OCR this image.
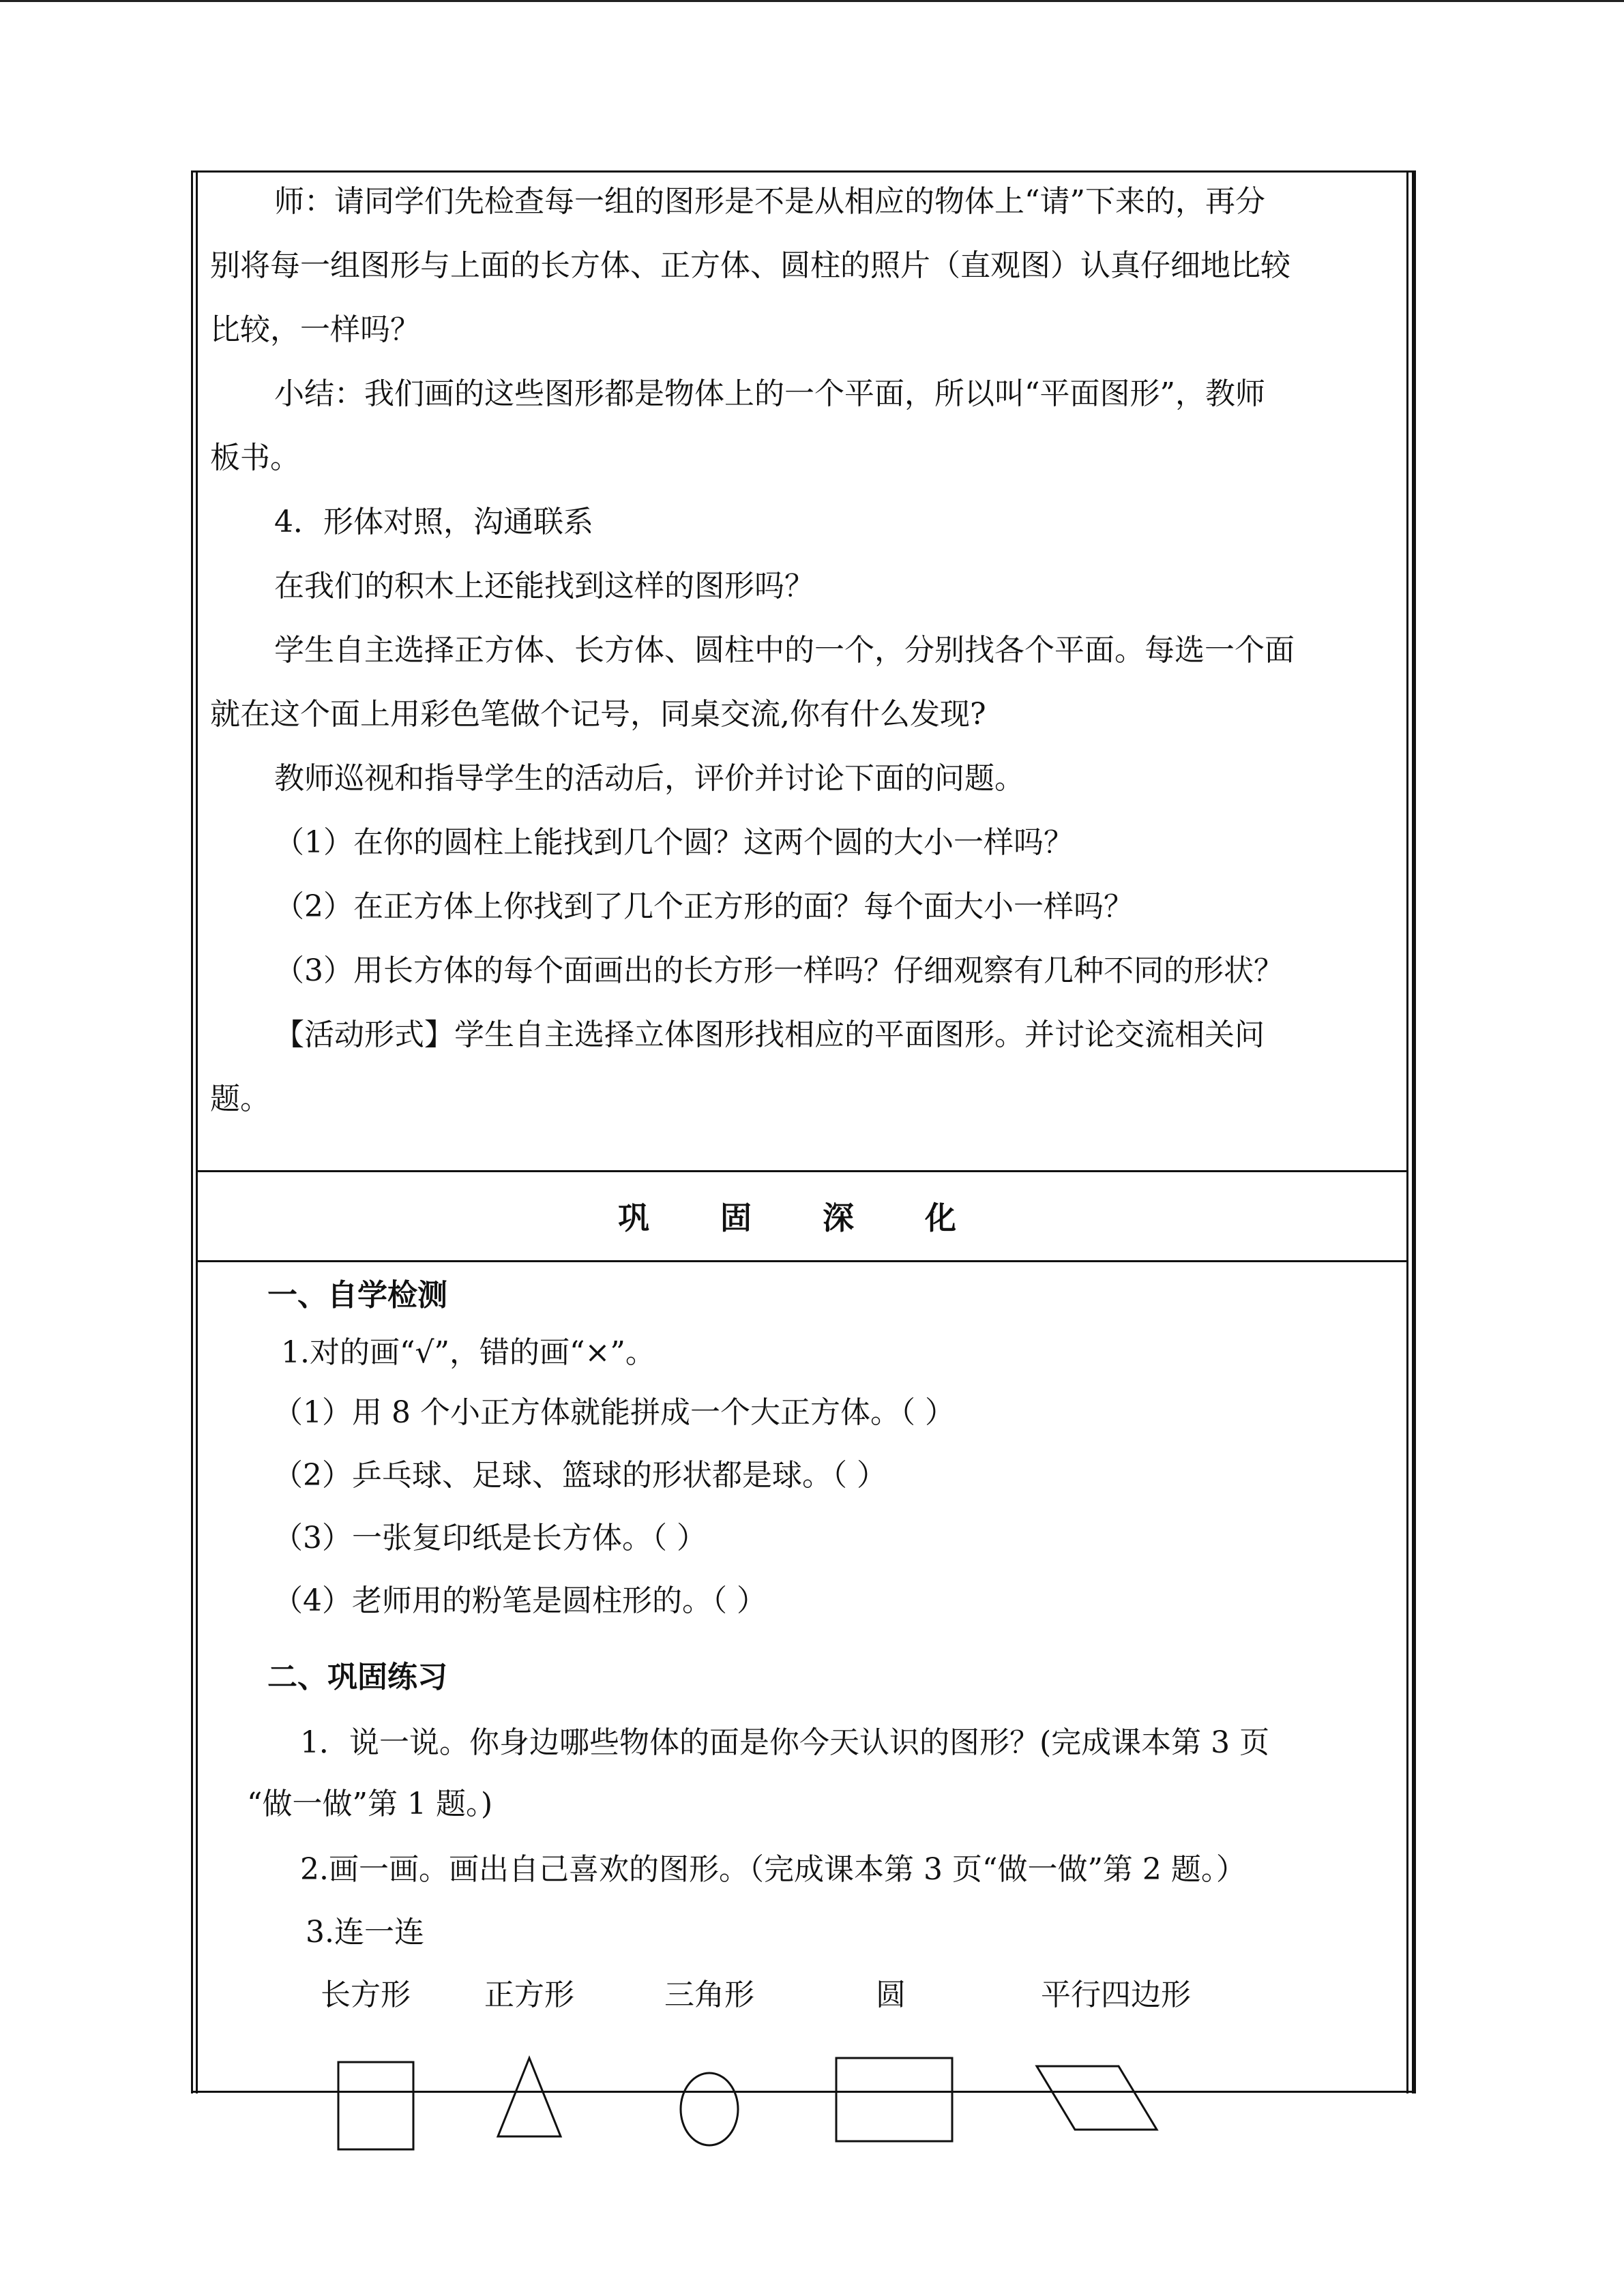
师：请同学们先检查每一组的图形是不是从相应的物体上“请”下来的，再分
别将每一组图形与上面的长方体、正方体、圆柱的照片（直观图）认真仔细地比较
比较，一样吗？
小结：我们画的这些图形都是物体上的一个平面，所以叫“平面图形”，教师
板书。
4．形体对照，沟通联系
在我们的积木上还能找到这样的图形吗？
学生自主选择正方体、长方体、圆柱中的一个，分别找各个平面。每选一个面
就在这个面上用彩色笔做个记号，同桌交流,你有什么发现?
教师巡视和指导学生的活动后，评价并讨论下面的问题。
（1）在你的圆柱上能找到几个圆？这两个圆的大小一样吗？
（2）在正方体上你找到了几个正方形的面？每个面大小一样吗？
（3）用长方体的每个面画出的长方形一样吗？仔细观察有几种不同的形状？
【活动形式】学生自主选择立体图形找相应的平面图形。并讨论交流相关问
题。
巩 固 深 化
一、自学检测
1.对的画“√”，错的画“×”。
（1）用 8 个小正方体就能拼成一个大正方体。（ ）
（2）乒乓球、足球、篮球的形状都是球。（ ）
（3）一张复印纸是长方体。（ ）
（4）老师用的粉笔是圆柱形的。（ ）
二、巩固练习
1．说一说。你身边哪些物体的面是你今天认识的图形？(完成课本第 3 页
“做一做”第 1 题。)
2.画一画。画出自己喜欢的图形。（完成课本第 3 页“做一做”第 2 题。）
3.连一连
长方形 正方形	三角形	圆	平行四边形
